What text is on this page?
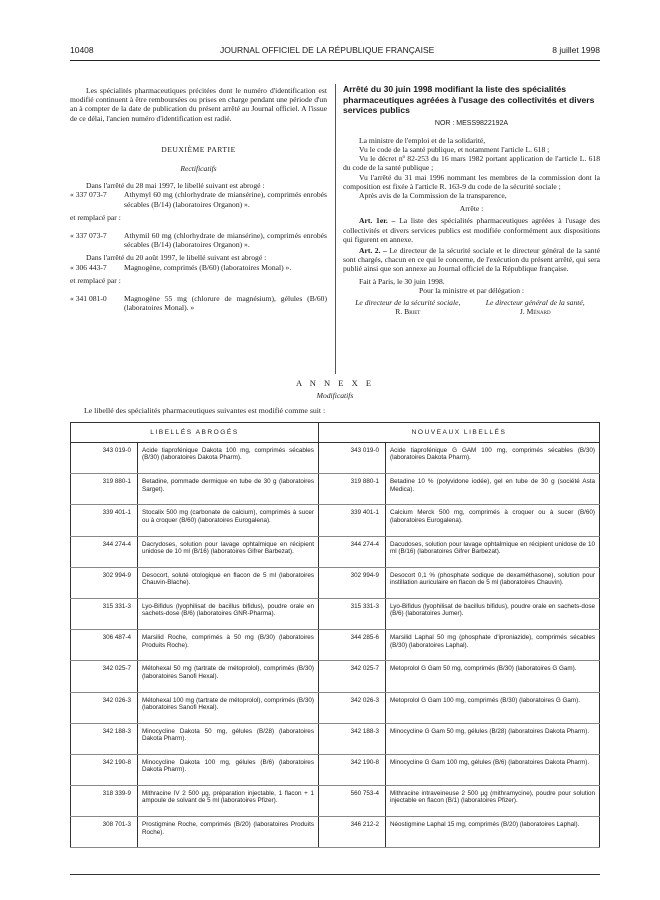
10408	JOURNAL OFFICIEL DE LA RÉPUBLIQUE FRANÇAISE	8 juillet 1998

Les spécialités pharmaceutiques précitées dont le numéro d'identification est modifié continuent à être remboursées ou prises en charge pendant une période d'un an à compter de la date de publication du présent arrêté au Journal officiel. A l'issue de ce délai, l'ancien numéro d'identification est radié.

DEUXIÈME PARTIE

Rectificatifs

Dans l'arrêté du 28 mai 1997, le libellé suivant est abrogé :

« 337 073-7	Athymyl 60 mg (chlorhydrate de miansérine), comprimés enrobés sécables (B/14) (laboratoires Organon) ».

et remplacé par :

« 337 073-7	Athymil 60 mg (chlorhydrate de miansérine), comprimés enrobés sécables (B/14) (laboratoires Organon) ».

Dans l'arrêté du 20 août 1997, le libellé suivant est abrogé :

« 306 443-7	Magnogène, comprimés (B/60) (laboratoires Monal) ».

et remplacé par :

« 341 081-0	Magnogène 55 mg (chlorure de magnésium), gélules (B/60) (laboratoires Monal). »

Arrêté du 30 juin 1998 modifiant la liste des spécialités pharmaceutiques agréées à l'usage des collectivités et divers services publics

NOR : MESS9822192A

La ministre de l'emploi et de la solidarité,

Vu le code de la santé publique, et notamment l'article L. 618 ;

Vu le décret nº 82-253 du 16 mars 1982 portant application de l'article L. 618 du code de la santé publique ;

Vu l'arrêté du 31 mai 1996 nommant les membres de la commission dont la composition est fixée à l'article R. 163-9 du code de la sécurité sociale ;

Après avis de la Commission de la transparence,

Arrête :

Art. 1er. – La liste des spécialités pharmaceutiques agréées à l'usage des collectivités et divers services publics est modifiée conformément aux dispositions qui figurent en annexe.

Art. 2. – Le directeur de la sécurité sociale et le directeur général de la santé sont chargés, chacun en ce qui le concerne, de l'exécution du présent arrêté, qui sera publié ainsi que son annexe au Journal officiel de la République française.

Fait à Paris, le 30 juin 1998.

Pour la ministre et par délégation :

Le directeur de la sécurité sociale,

R. Briet

Le directeur général de la santé,

J. Ménard

A N N E X E
Modificatifs
Le libellé des spécialités pharmaceutiques suivantes est modifié comme suit :
LIBELLÉS ABROGÉS		NOUVEAUX LIBELLÉS	
343 019-0	Acide tiaprofénique Dakota 100 mg, comprimés sécables (B/30) (laboratoires Dakota Pharm).	343 019-0	Acide tiaprofénique G GAM 100 mg, comprimés sécables (B/30) (laboratoires Dakota Pharm).
319 880-1	Betadine, pommade dermique en tube de 30 g (laboratoires Sarget).	319 880-1	Betadine 10 % (polyvidone iodée), gel en tube de 30 g (société Asta Medica).
339 401-1	Stocalix 500 mg (carbonate de calcium), comprimés à sucer ou à croquer (B/60) (laboratoires Eurogalena).	339 401-1	Calcium Merck 500 mg, comprimés à croquer ou à sucer (B/60) (laboratoires Eurogalena).
344 274-4	Dacrydoses, solution pour lavage ophtalmique en récipient unidose de 10 ml (B/16) (laboratoires Gifrer Barbezat).	344 274-4	Dacudoses, solution pour lavage ophtalmique en récipient unidose de 10 ml (B/16) (laboratoires Gifrer Barbezat).
302 994-9	Desocort, soluté otologique en flacon de 5 ml (laboratoires Chauvin-Blache).	302 994-9	Desocort 0,1 % (phosphate sodique de dexaméthasone), solution pour instillation auriculaire en flacon de 5 ml (laboratoires Chauvin).
315 331-3	Lyo-Bifidus (lyophilisat de bacillus bifidus), poudre orale en sachets-dose (B/6) (laboratoires GNR-Pharma).	315 331-3	Lyo-Bifidus (lyophilisat de bacillus bifidus), poudre orale en sachets-dose (B/6) (laboratoires Jumer).
306 487-4	Marsilid Roche, comprimés à 50 mg (B/30) (laboratoires Produits Roche).	344 285-6	Marsilid Laphal 50 mg (phosphate d'iproniazide), comprimés sécables (B/30) (laboratoires Laphal).
342 025-7	Métohexal 50 mg (tartrate de métoprolol), comprimés (B/30) (laboratoires Sanofi Hexal).	342 025-7	Metoprolol G Gam 50 mg, comprimés (B/30) (laboratoires G Gam).
342 026-3	Métohexal 100 mg (tartrate de métoprolol), comprimés (B/30) (laboratoires Sanofi Hexal).	342 026-3	Metoprolol G Gam 100 mg, comprimés (B/30) (laboratoires G Gam).
342 188-3	Minocycline Dakota 50 mg, gélules (B/28) (laboratoires Dakota Pharm).	342 188-3	Minocycline G Gam 50 mg, gélules (B/28) (laboratoires Dakota Pharm).
342 190-8	Minocycline Dakota 100 mg, gélules (B/6) (laboratoires Dakota Pharm).	342 190-8	Minocycline G Gam 100 mg, gélules (B/6) (laboratoires Dakota Pharm).
318 339-9	Mithracine IV 2 500 µg, préparation injectable, 1 flacon + 1 ampoule de solvant de 5 ml (laboratoires Pfizer).	560 753-4	Mithracine intraveineuse 2 500 µg (mithramycine), poudre pour solution injectable en flacon (B/1) (laboratoires Pfizer).
308 701-3	Prostigmine Roche, comprimés (B/20) (laboratoires Produits Roche).	346 212-2	Néostigmine Laphal 15 mg, comprimés (B/20) (laboratoires Laphal).
